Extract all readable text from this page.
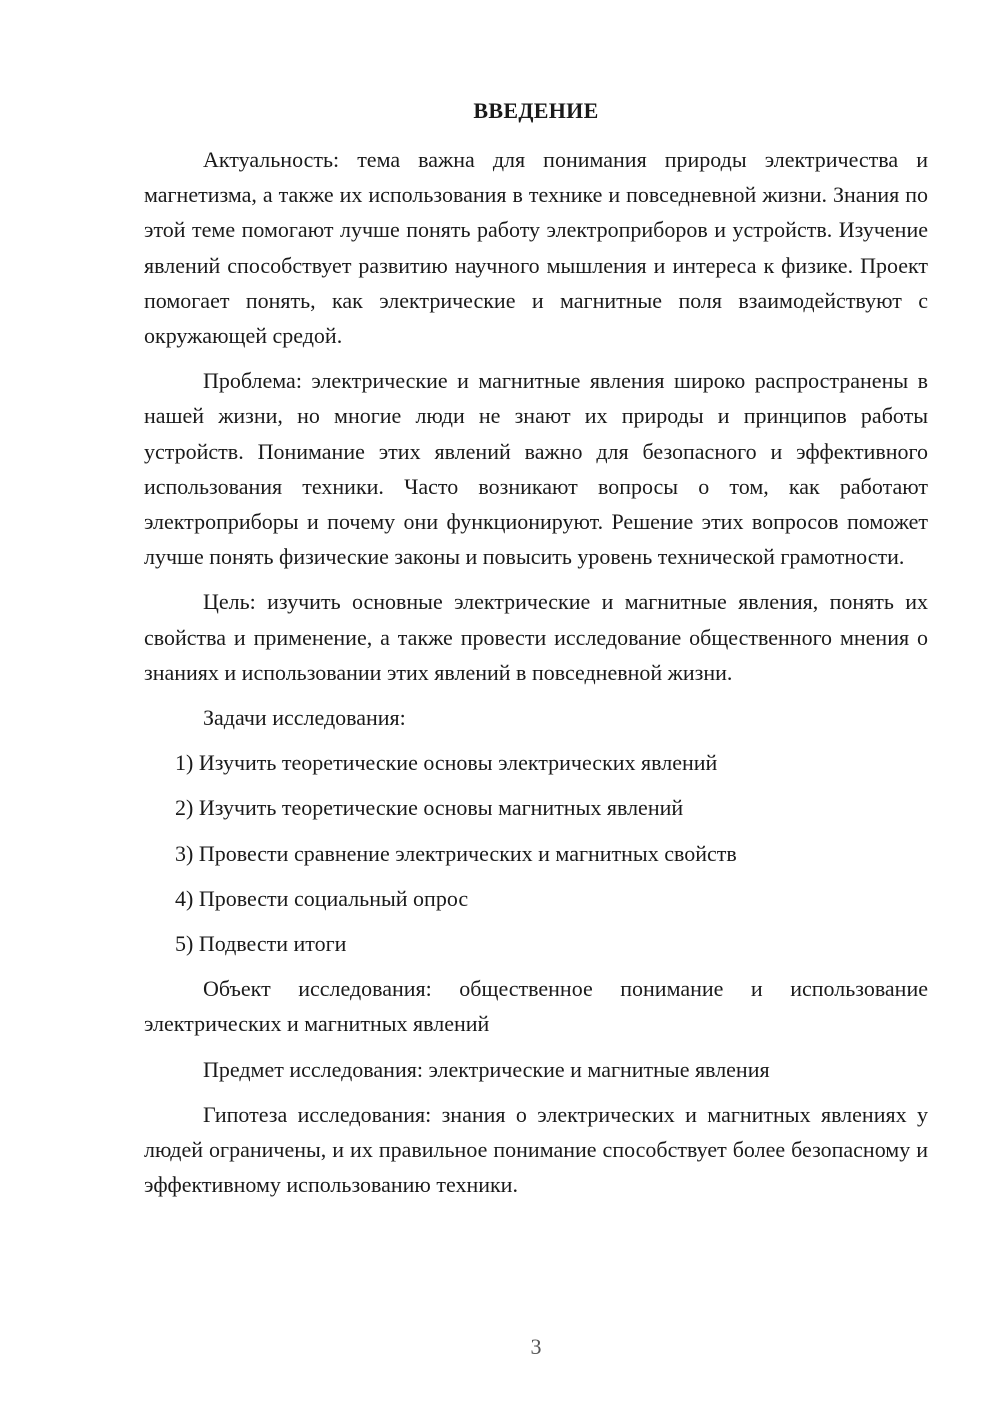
ВВЕДЕНИЕ

Актуальность: тема важна для понимания природы электричества и магнетизма, а также их использования в технике и повседневной жизни. Знания по этой теме помогают лучше понять работу электроприборов и устройств. Изучение явлений способствует развитию научного мышления и интереса к физике. Проект помогает понять, как электрические и магнитные поля взаимодействуют с окружающей средой.

Проблема: электрические и магнитные явления широко распространены в нашей жизни, но многие люди не знают их природы и принципов работы устройств. Понимание этих явлений важно для безопасного и эффективного использования техники. Часто возникают вопросы о том, как работают электроприборы и почему они функционируют. Решение этих вопросов поможет лучше понять физические законы и повысить уровень технической грамотности.

Цель: изучить основные электрические и магнитные явления, понять их свойства и применение, а также провести исследование общественного мнения о знаниях и использовании этих явлений в повседневной жизни.

Задачи исследования:

1) Изучить теоретические основы электрических явлений

2) Изучить теоретические основы магнитных явлений

3) Провести сравнение электрических и магнитных свойств

4) Провести социальный опрос

5) Подвести итоги

Объект исследования: общественное понимание и использование электрических и магнитных явлений

Предмет исследования: электрические и магнитные явления

Гипотеза исследования: знания о электрических и магнитных явлениях у людей ограничены, и их правильное понимание способствует более безопасному и эффективному использованию техники.

3
